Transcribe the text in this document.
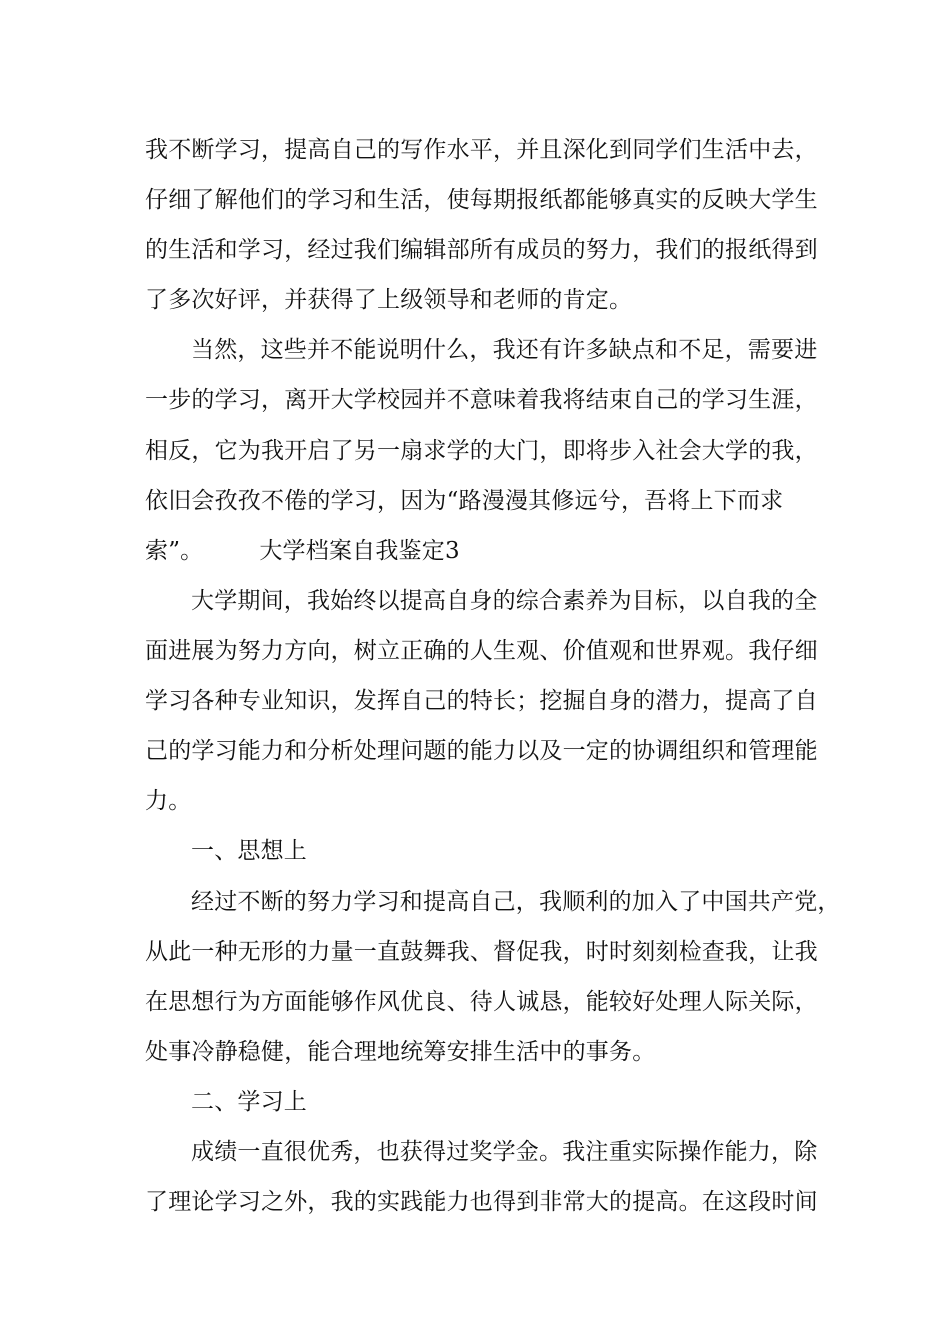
我不断学习，提高自己的写作水平，并且深化到同学们生活中去，
仔细了解他们的学习和生活，使每期报纸都能够真实的反映大学生
的生活和学习，经过我们编辑部所有成员的努力，我们的报纸得到
了多次好评，并获得了上级领导和老师的肯定。
当然，这些并不能说明什么，我还有许多缺点和不足，需要进
一步的学习，离开大学校园并不意味着我将结束自己的学习生涯，
相反，它为我开启了另一扇求学的大门，即将步入社会大学的我，
依旧会孜孜不倦的学习，因为“路漫漫其修远兮，吾将上下而求
索”。 大学档案自我鉴定3
大学期间，我始终以提高自身的综合素养为目标，以自我的全
面进展为努力方向，树立正确的人生观、价值观和世界观。我仔细
学习各种专业知识，发挥自己的特长；挖掘自身的潜力，提高了自
己的学习能力和分析处理问题的能力以及一定的协调组织和管理能
力。
一、思想上
经过不断的努力学习和提高自己，我顺利的加入了中国共产党，
从此一种无形的力量一直鼓舞我、督促我，时时刻刻检查我，让我
在思想行为方面能够作风优良、待人诚恳，能较好处理人际关际，
处事冷静稳健，能合理地统筹安排生活中的事务。
二、学习上
成绩一直很优秀，也获得过奖学金。我注重实际操作能力，除
了理论学习之外，我的实践能力也得到非常大的提高。在这段时间
